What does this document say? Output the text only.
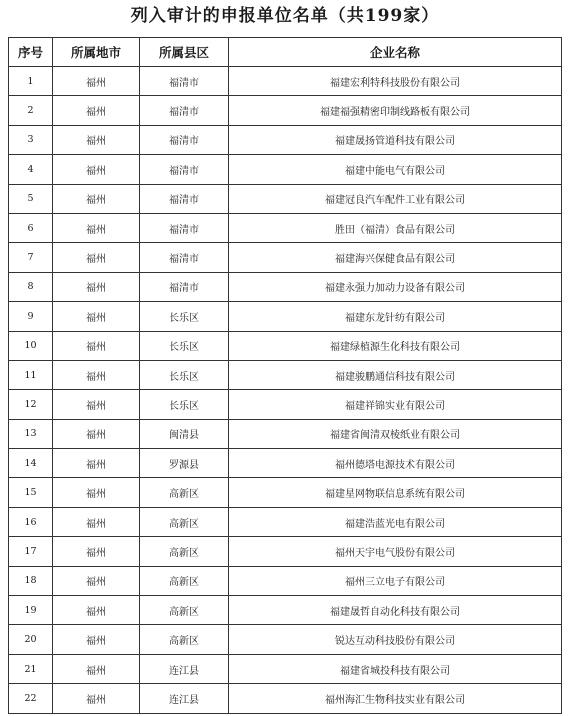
列入审计的申报单位名单（共199家）
序号	所属地市	所属县区	企业名称
1	福州	福清市	福建宏利特科技股份有限公司
2	福州	福清市	福建福强精密印制线路板有限公司
3	福州	福清市	福建晟扬管道科技有限公司
4	福州	福清市	福建中能电气有限公司
5	福州	福清市	福建冠良汽车配件工业有限公司
6	福州	福清市	胜田（福清）食品有限公司
7	福州	福清市	福建海兴保健食品有限公司
8	福州	福清市	福建永强力加动力设备有限公司
9	福州	长乐区	福建东龙针纺有限公司
10	福州	长乐区	福建绿植源生化科技有限公司
11	福州	长乐区	福建骏鹏通信科技有限公司
12	福州	长乐区	福建祥锦实业有限公司
13	福州	闽清县	福建省闽清双棱纸业有限公司
14	福州	罗源县	福州德塔电源技术有限公司
15	福州	高新区	福建星网物联信息系统有限公司
16	福州	高新区	福建浩蓝光电有限公司
17	福州	高新区	福州天宇电气股份有限公司
18	福州	高新区	福州三立电子有限公司
19	福州	高新区	福建晟哲自动化科技有限公司
20	福州	高新区	锐达互动科技股份有限公司
21	福州	连江县	福建省城投科技有限公司
22	福州	连江县	福州海汇生物科技实业有限公司
